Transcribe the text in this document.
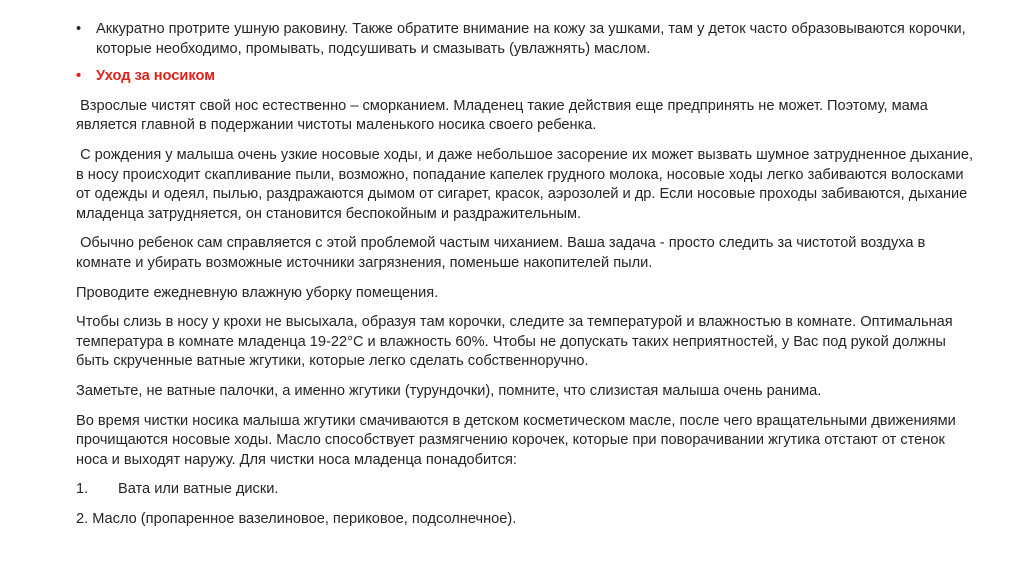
• Аккуратно протрите ушную раковину. Также обратите внимание на кожу за ушками, там у деток часто образовываются корочки, которые необходимо, промывать, подсушивать и смазывать (увлажнять) маслом.

• Уход за носиком

Взрослые чистят свой нос естественно – сморканием. Младенец такие действия еще предпринять не может. Поэтому, мама является главной в подержании чистоты маленького носика своего ребенка.

С рождения у малыша очень узкие носовые ходы, и даже небольшое засорение их может вызвать шумное затрудненное дыхание, в носу происходит скапливание пыли, возможно, попадание капелек грудного молока, носовые ходы легко забиваются волосками от одежды и одеял, пылью, раздражаются дымом от сигарет, красок, аэрозолей и др. Если носовые проходы забиваются, дыхание младенца затрудняется, он становится беспокойным и раздражительным.

Обычно ребенок сам справляется с этой проблемой частым чиханием. Ваша задача - просто следить за чистотой воздуха в комнате и убирать возможные источники загрязнения, поменьше накопителей пыли.

Проводите ежедневную влажную уборку помещения.

Чтобы слизь в носу у крохи не высыхала, образуя там корочки, следите за температурой и влажностью в комнате. Оптимальная температура в комнате младенца 19-22°С и влажность 60%. Чтобы не допускать таких неприятностей, у Вас под рукой должны быть скрученные ватные жгутики, которые легко сделать собственноручно.

Заметьте, не ватные палочки, а именно жгутики (турундочки), помните, что слизистая малыша очень ранима.

Во время чистки носика малыша жгутики смачиваются в детском косметическом масле, после чего вращательными движениями прочищаются носовые ходы. Масло способствует размягчению корочек, которые при поворачивании жгутика отстают от стенок носа и выходят наружу. Для чистки носа младенца понадобится:

1.	Вата или ватные диски.

2. Масло (пропаренное вазелиновое, периковое, подсолнечное).
